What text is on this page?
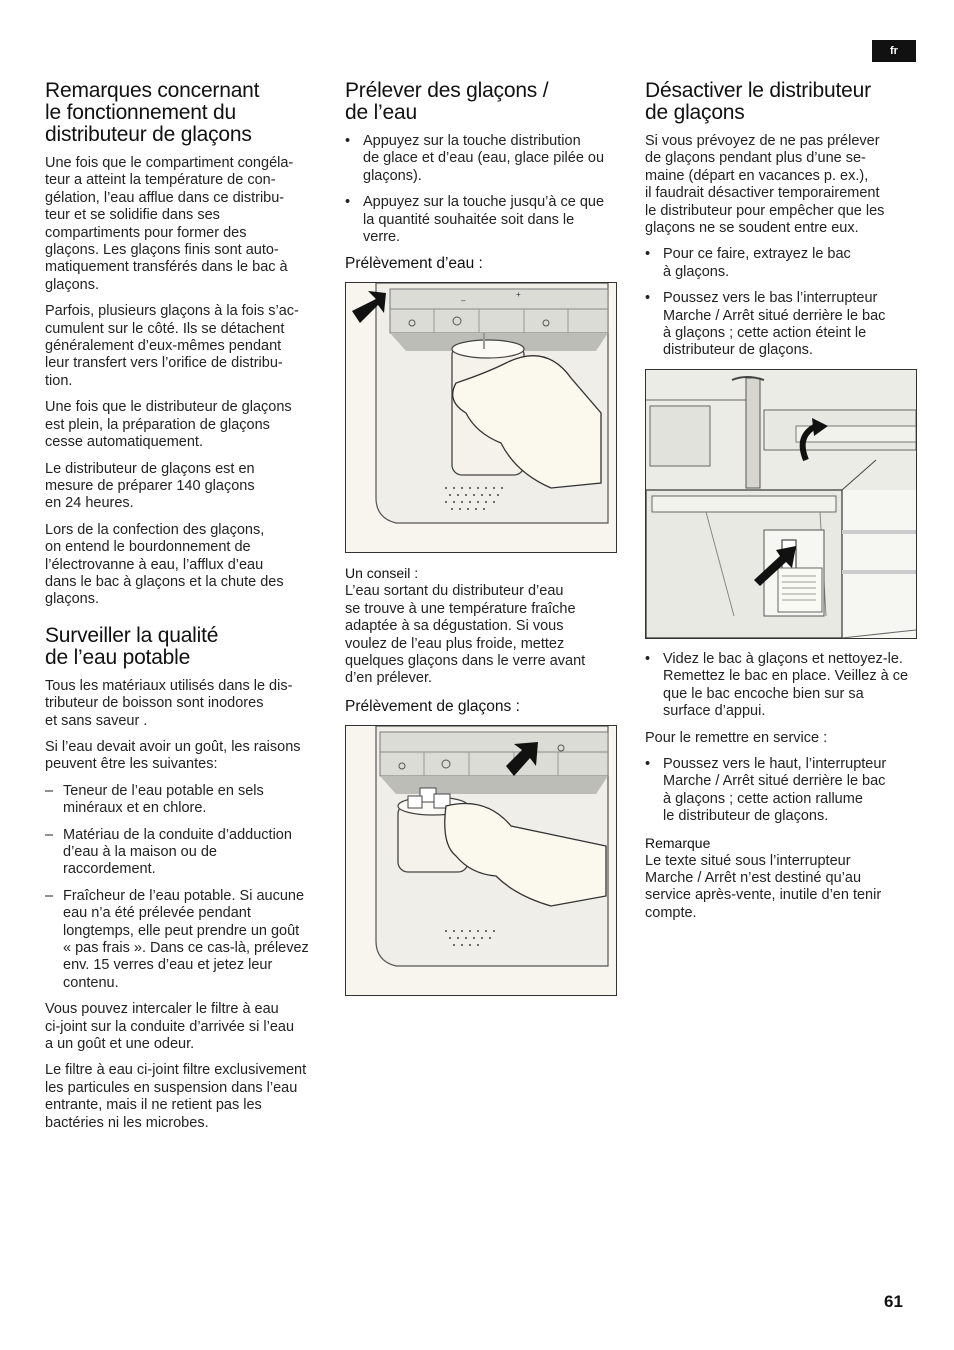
fr
Remarques concernant
le fonctionnement du
distributeur de glaçons

Une fois que le compartiment congéla-
teur a atteint la température de con-
gélation, l’eau afflue dans ce distribu-
teur et se solidifie dans ses
compartiments pour former des
glaçons. Les glaçons finis sont auto-
matiquement transférés dans le bac à
glaçons.

Parfois, plusieurs glaçons à la fois s’ac-
cumulent sur le côté. Ils se détachent
généralement d’eux-mêmes pendant
leur transfert vers l’orifice de distribu-
tion.

Une fois que le distributeur de glaçons
est plein, la préparation de glaçons
cesse automatiquement.

Le distributeur de glaçons est en
mesure de préparer 140 glaçons
en 24 heures.

Lors de la confection des glaçons,
on entend le bourdonnement de
l’électrovanne à eau, l’afflux d’eau
dans le bac à glaçons et la chute des
glaçons.

Surveiller la qualité
de l’eau potable

Tous les matériaux utilisés dans le dis-
tributeur de boisson sont inodores
et sans saveur .

Si l’eau devait avoir un goût, les raisons
peuvent être les suivantes:

– Teneur de l’eau potable en sels
minéraux et en chlore.
– Matériau de la conduite d’adduction
d’eau à la maison ou de
raccordement.
– Fraîcheur de l’eau potable. Si aucune
eau n’a été prélevée pendant
longtemps, elle peut prendre un goût
« pas frais ». Dans ce cas-là, prélevez
env. 15 verres d’eau et jetez leur
contenu.

Vous pouvez intercaler le filtre à eau
ci-joint sur la conduite d’arrivée si l’eau
a un goût et une odeur.

Le filtre à eau ci-joint filtre exclusivement
les particules en suspension dans l’eau
entrante, mais il ne retient pas les
bactéries ni les microbes.

Prélever des glaçons /
de l’eau
• Appuyez sur la touche distribution
de glace et d’eau (eau, glace pilée ou
glaçons).
• Appuyez sur la touche jusqu’à ce que
la quantité souhaitée soit dans le
verre.
Prélèvement d’eau :
–
+
Un conseil :

L’eau sortant du distributeur d’eau
se trouve à une température fraîche
adaptée à sa dégustation. Si vous
voulez de l’eau plus froide, mettez
quelques glaçons dans le verre avant
d’en prélever.

Prélèvement de glaçons :
Désactiver le distributeur
de glaçons

Si vous prévoyez de ne pas prélever
de glaçons pendant plus d’une se-
maine (départ en vacances p. ex.),
il faudrait désactiver temporairement
le distributeur pour empêcher que les
glaçons ne se soudent entre eux.

• Pour ce faire, extrayez le bac
à glaçons.
• Poussez vers le bas l’interrupteur
Marche / Arrêt situé derrière le bac
à glaçons ; cette action éteint le
distributeur de glaçons.
• Videz le bac à glaçons et nettoyez-le.
Remettez le bac en place. Veillez à ce
que le bac encoche bien sur sa
surface d’appui.

Pour le remettre en service :

• Poussez vers le haut, l’interrupteur
Marche / Arrêt situé derrière le bac
à glaçons ; cette action rallume
le distributeur de glaçons.
Remarque

Le texte situé sous l’interrupteur
Marche / Arrêt n’est destiné qu’au
service après-vente, inutile d’en tenir
compte.

61
